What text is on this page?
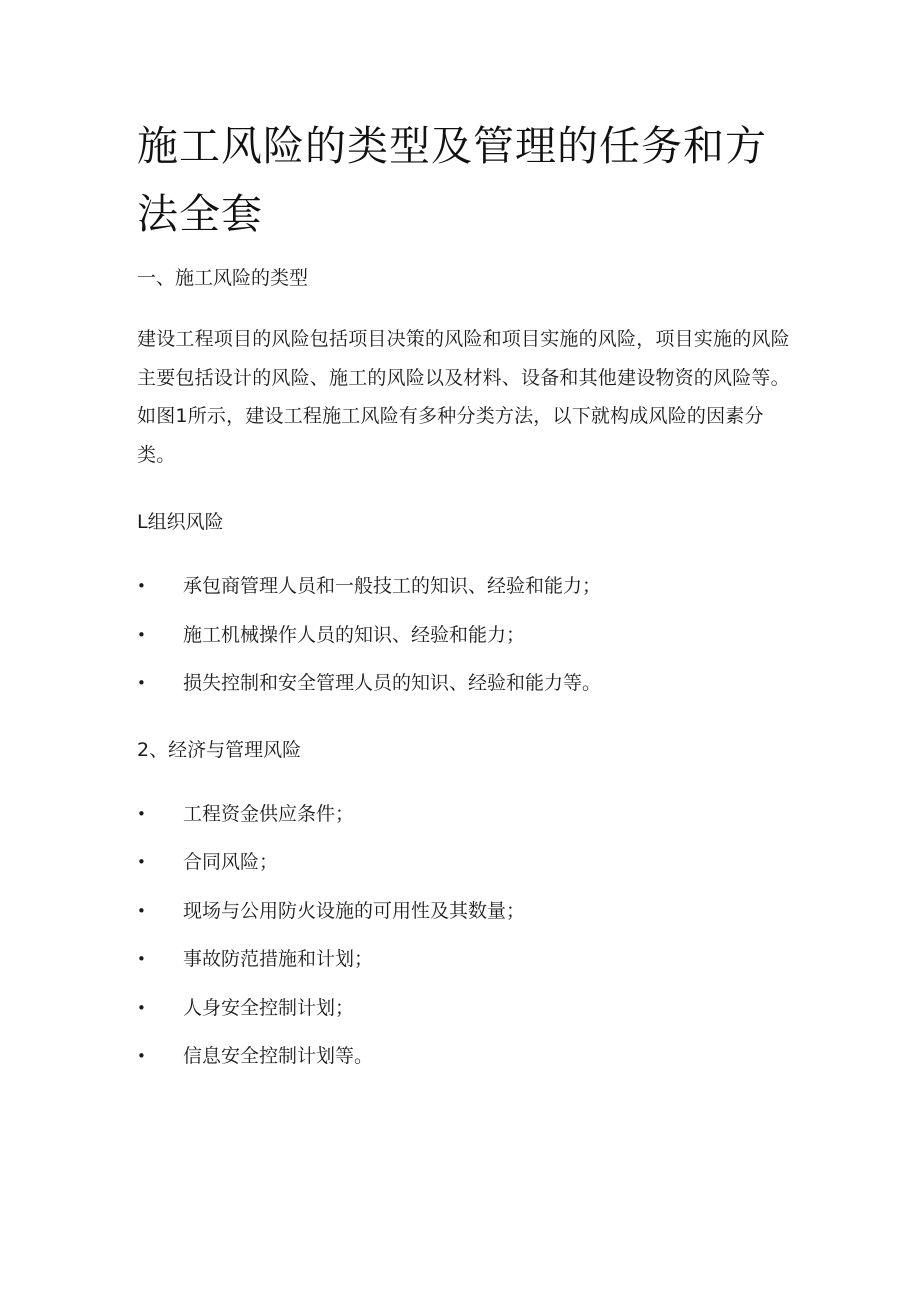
施工风险的类型及管理的任务和方法全套
一、施工风险的类型

建设工程项目的风险包括项目决策的风险和项目实施的风险，项目实施的风险主要包括设计的风险、施工的风险以及材料、设备和其他建设物资的风险等。如图1所示，建设工程施工风险有多种分类方法，以下就构成风险的因素分类。

L组织风险
• 承包商管理人员和一般技工的知识、经验和能力；
• 施工机械操作人员的知识、经验和能力；
• 损失控制和安全管理人员的知识、经验和能力等。
2、经济与管理风险
• 工程资金供应条件；
• 合同风险；
• 现场与公用防火设施的可用性及其数量；
• 事故防范措施和计划；
• 人身安全控制计划；
• 信息安全控制计划等。
